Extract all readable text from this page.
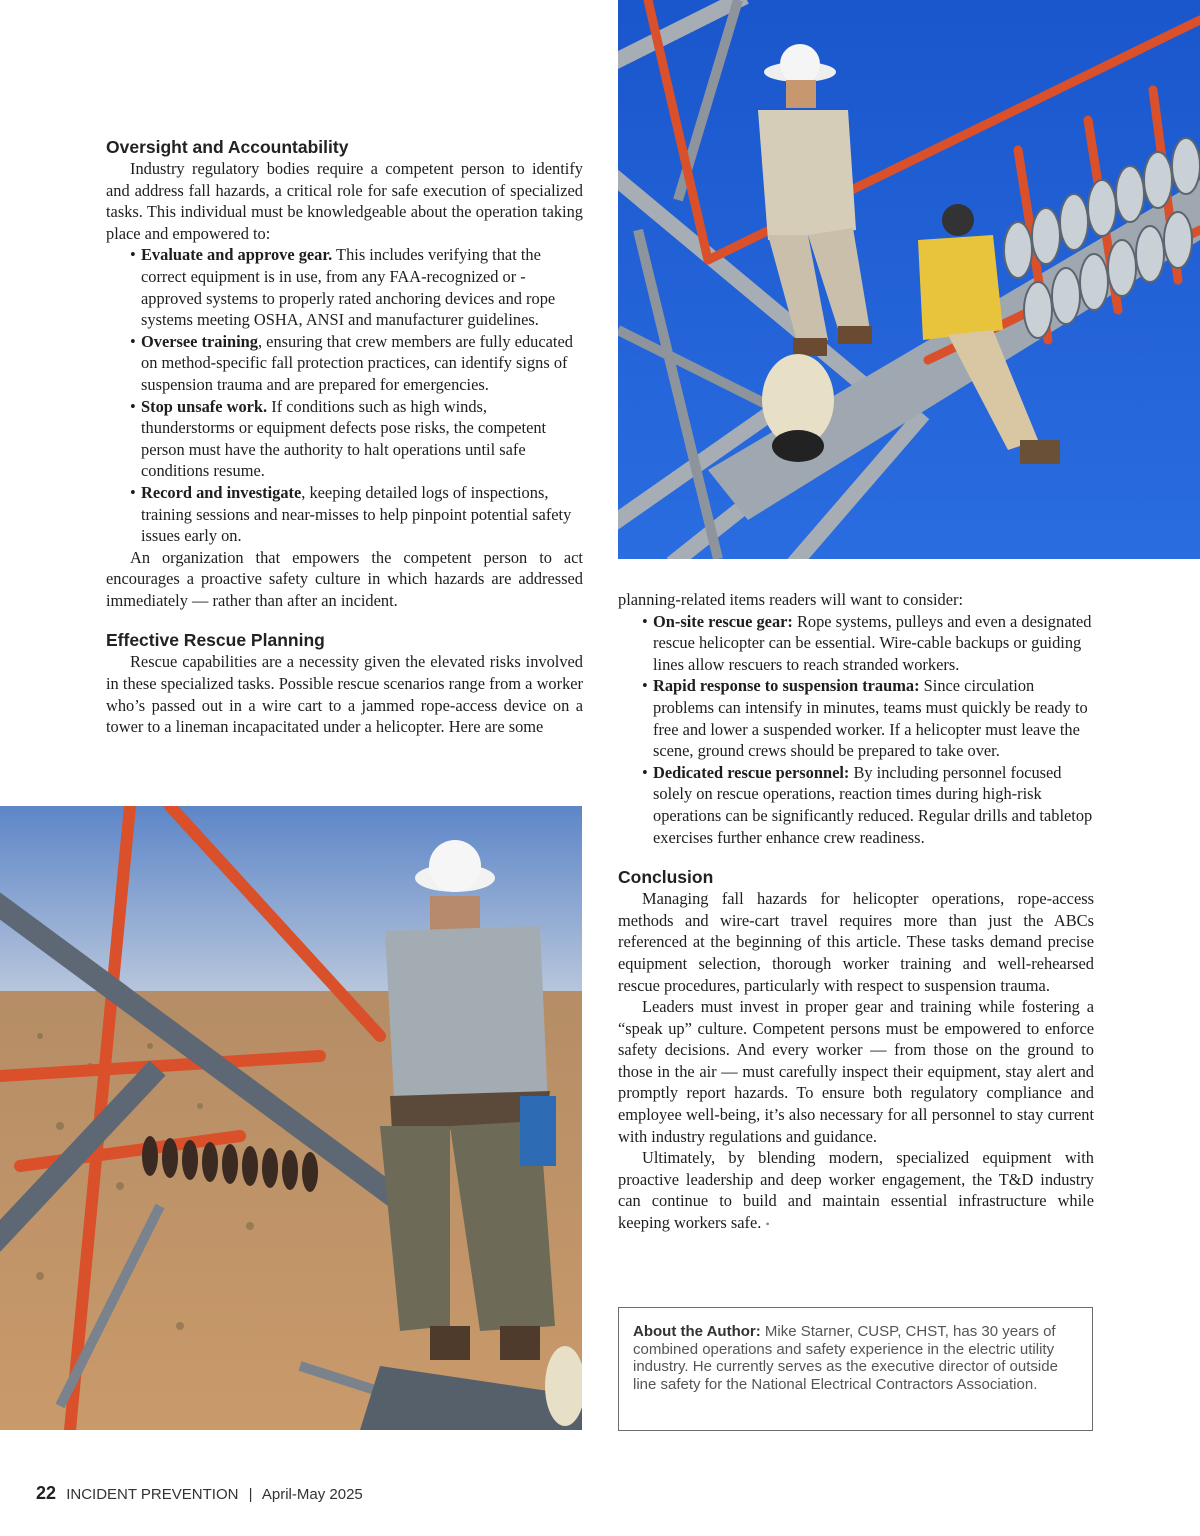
Oversight and Accountability

Industry regulatory bodies require a competent person to identify and address fall hazards, a critical role for safe execution of specialized tasks. This individual must be knowledgeable about the operation taking place and empowered to:

• Evaluate and approve gear. This includes verifying that the correct equipment is in use, from any FAA-recognized or -approved systems to properly rated anchoring devices and rope systems meeting OSHA, ANSI and manufacturer guidelines.
• Oversee training, ensuring that crew members are fully educated on method-specific fall protection practices, can identify signs of suspension trauma and are prepared for emergencies.
• Stop unsafe work. If conditions such as high winds, thunderstorms or equipment defects pose risks, the competent person must have the authority to halt operations until safe conditions resume.
• Record and investigate, keeping detailed logs of inspections, training sessions and near-misses to help pinpoint potential safety issues early on.

An organization that empowers the competent person to act encourages a proactive safety culture in which hazards are addressed immediately — rather than after an incident.

Effective Rescue Planning

Rescue capabilities are a necessity given the elevated risks involved in these specialized tasks. Possible rescue scenarios range from a worker who’s passed out in a wire cart to a jammed rope-access device on a tower to a lineman incapacitated under a helicopter. Here are some

planning-related items readers will want to consider:

• On-site rescue gear: Rope systems, pulleys and even a designated rescue helicopter can be essential. Wire-cable backups or guiding lines allow rescuers to reach stranded workers.
• Rapid response to suspension trauma: Since circulation problems can intensify in minutes, teams must quickly be ready to free and lower a suspended worker. If a helicopter must leave the scene, ground crews should be prepared to take over.
• Dedicated rescue personnel: By including personnel focused solely on rescue operations, reaction times during high-risk operations can be significantly reduced. Regular drills and tabletop exercises further enhance crew readiness.
Conclusion

Managing fall hazards for helicopter operations, rope-access methods and wire-cart travel requires more than just the ABCs referenced at the beginning of this article. These tasks demand precise equipment selection, thorough worker training and well-rehearsed rescue procedures, particularly with respect to suspension trauma.

Leaders must invest in proper gear and training while fostering a “speak up” culture. Competent persons must be empowered to enforce safety decisions. And every worker — from those on the ground to those in the air — must carefully inspect their equipment, stay alert and promptly report hazards. To ensure both regulatory compliance and employee well-being, it’s also necessary for all personnel to stay current with industry regulations and guidance.

Ultimately, by blending modern, specialized equipment with proactive leadership and deep worker engagement, the T&D industry can continue to build and maintain essential infrastructure while keeping workers safe. •

About the Author: Mike Starner, CUSP, CHST, has 30 years of combined operations and safety experience in the electric utility industry. He currently serves as the executive director of outside line safety for the National Electrical Contractors Association.
22 INCIDENT PREVENTION | April-May 2025
